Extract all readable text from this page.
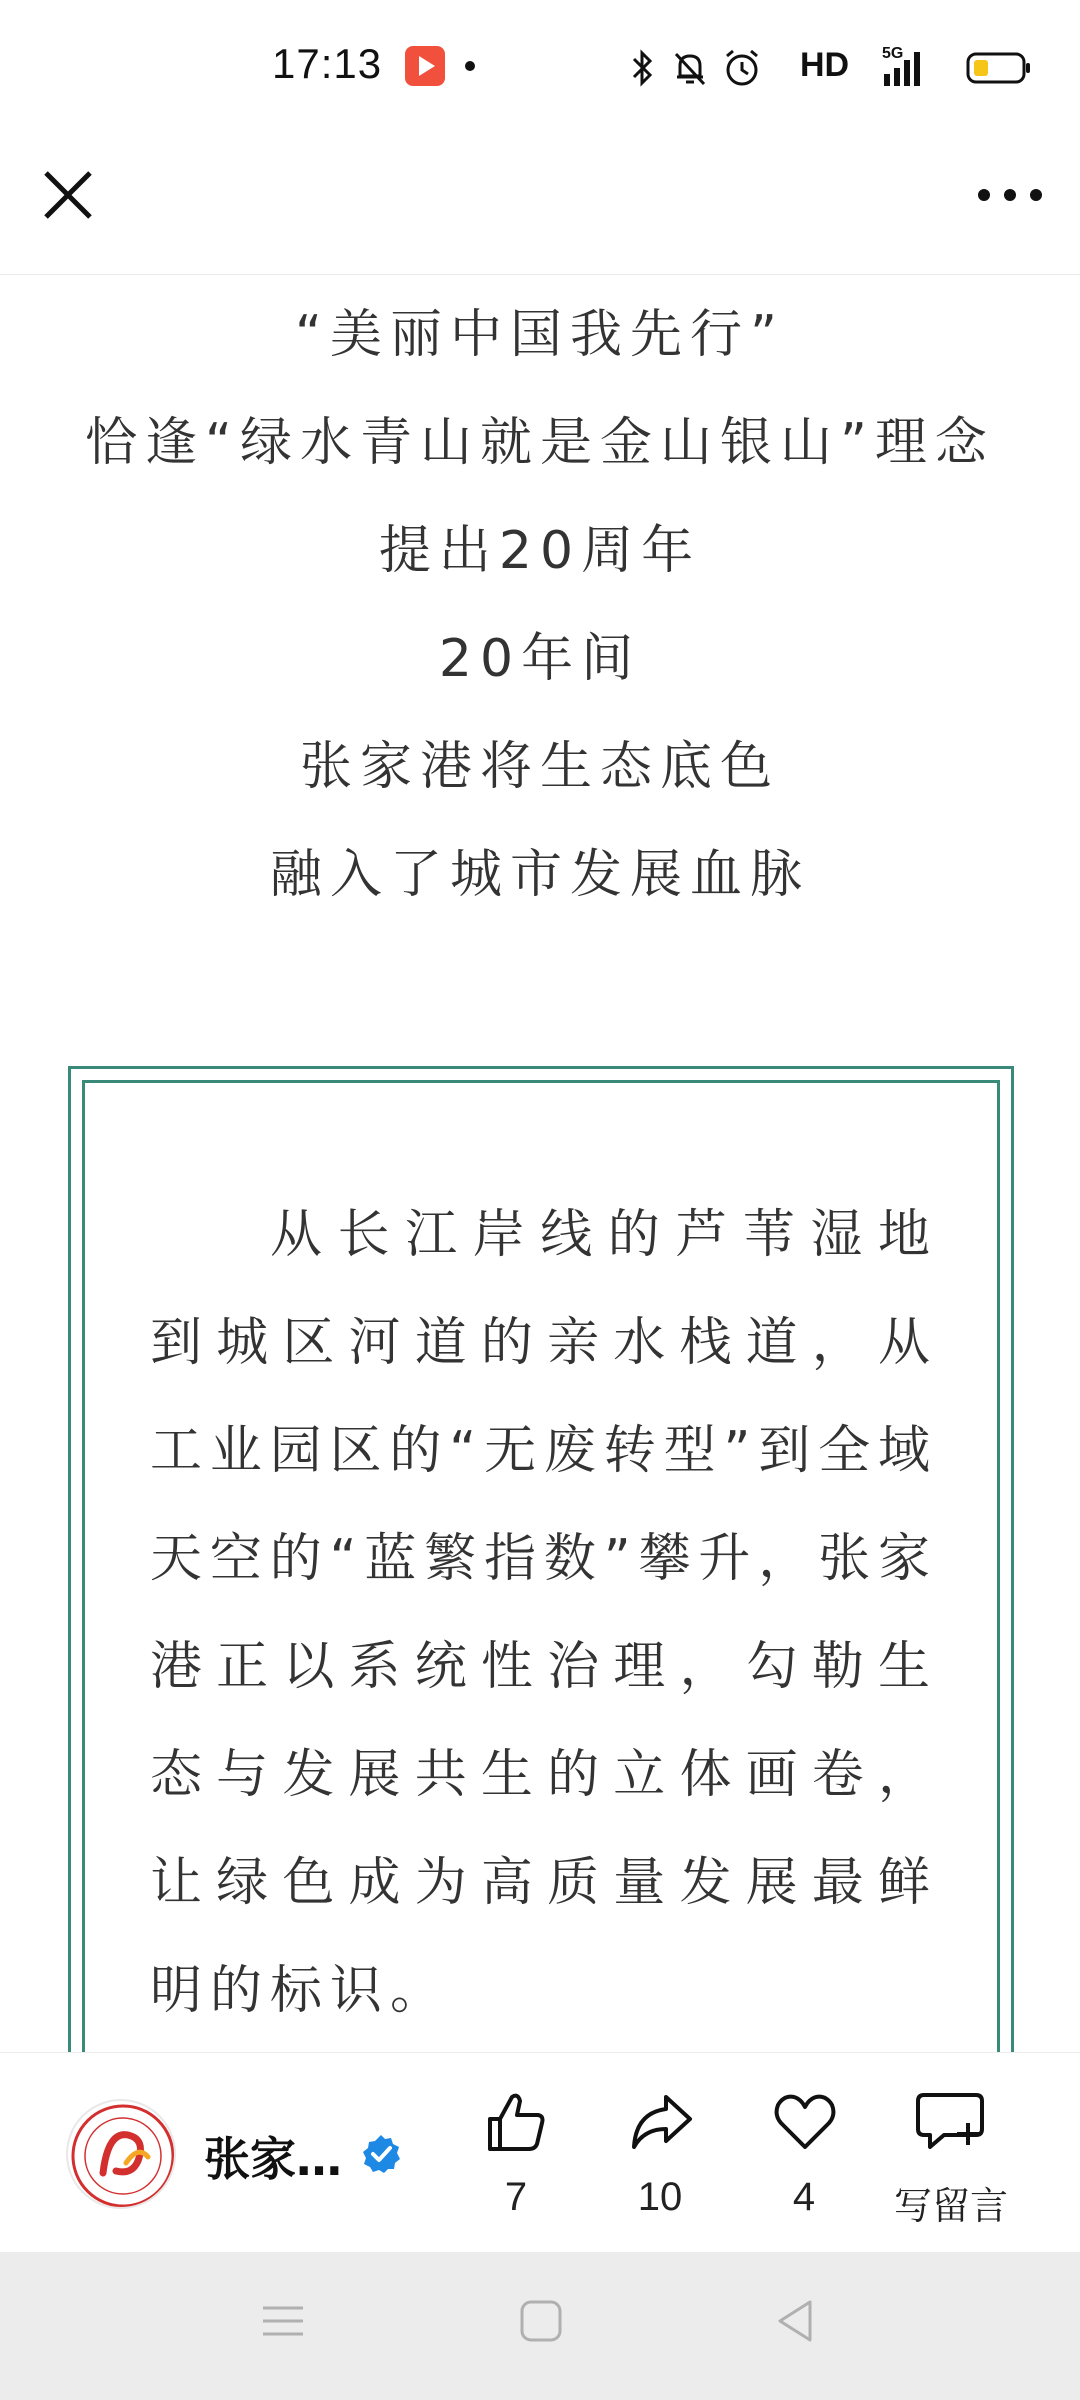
17:13	HD 5G
“美丽中国我先行”
恰逢“绿水青山就是金山银山”理念
提出20周年
20年间
张家港将生态底色
融入了城市发展血脉
从长江岸线的芦苇湿地
到城区河道的亲水栈道，从
工业园区的“无废转型”到全域
天空的“蓝繁指数”攀升，张家
港正以系统性治理，勾勒生
态与发展共生的立体画卷，
让绿色成为高质量发展最鲜
明的标识。
张家…
7	10	4	写留言
